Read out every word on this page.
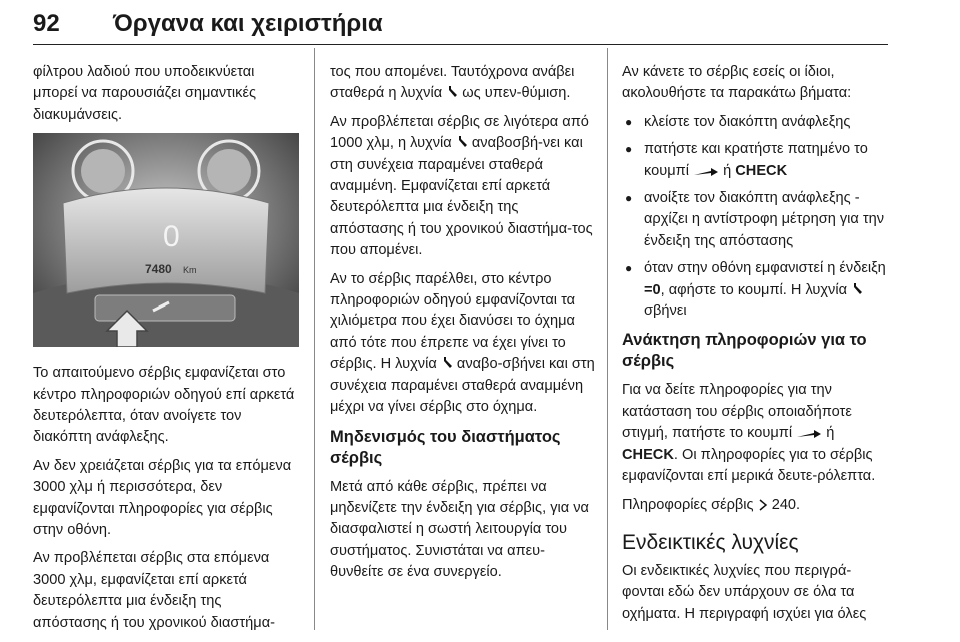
92 Όργανα και χειριστήρια

φίλτρου λαδιού που υποδεικνύεται μπορεί να παρουσιάζει σημαντικές διακυμάνσεις.

0
7480 Km

Το απαιτούμενο σέρβις εμφανίζεται στο κέντρο πληροφοριών οδηγού επί αρκετά δευτερόλεπτα, όταν ανοίγετε τον διακόπτη ανάφλεξης.

Αν δεν χρειάζεται σέρβις για τα επόμενα 3000 χλμ ή περισσότερα, δεν εμφανίζονται πληροφορίες για σέρβις στην οθόνη.

Αν προβλέπεται σέρβις στα επόμενα 3000 χλμ, εμφανίζεται επί αρκετά δευτερόλεπτα μια ένδειξη της απόστασης ή του χρονικού διαστήμα-

τος που απομένει. Ταυτόχρονα ανάβει σταθερά η λυχνία ως υπεν-θύμιση.

Αν προβλέπεται σέρβις σε λιγότερα από 1000 χλμ, η λυχνία αναβοσβή-νει και στη συνέχεια παραμένει σταθερά αναμμένη. Εμφανίζεται επί αρκετά δευτερόλεπτα μια ένδειξη της απόστασης ή του χρονικού διαστήμα-τος που απομένει.

Αν το σέρβις παρέλθει, στο κέντρο πληροφοριών οδηγού εμφανίζονται τα χιλιόμετρα που έχει διανύσει το όχημα από τότε που έπρεπε να έχει γίνει το σέρβις. Η λυχνία αναβο-σβήνει και στη συνέχεια παραμένει σταθερά αναμμένη μέχρι να γίνει σέρβις στο όχημα.

Μηδενισμός του διαστήματος σέρβις

Μετά από κάθε σέρβις, πρέπει να μηδενίζετε την ένδειξη για σέρβις, για να διασφαλιστεί η σωστή λειτουργία του συστήματος. Συνιστάται να απευ-θυνθείτε σε ένα συνεργείο.

Αν κάνετε το σέρβις εσείς οι ίδιοι, ακολουθήστε τα παρακάτω βήματα:

● κλείστε τον διακόπτη ανάφλεξης
● πατήστε και κρατήστε πατημένο το κουμπί ή CHECK
● ανοίξτε τον διακόπτη ανάφλεξης - αρχίζει η αντίστροφη μέτρηση για την ένδειξη της απόστασης
● όταν στην οθόνη εμφανιστεί η ένδειξη =0, αφήστε το κουμπί. Η λυχνία  σβήνει
Ανάκτηση πληροφοριών για το σέρβις

Για να δείτε πληροφορίες για την κατάσταση του σέρβις οποιαδήποτε στιγμή, πατήστε το κουμπί ή CHECK. Οι πληροφορίες για το σέρβις εμφανίζονται επί μερικά δευτε-ρόλεπτα.

Πληροφορίες σέρβις 240.

Ενδεικτικές λυχνίες

Οι ενδεικτικές λυχνίες που περιγρά-φονται εδώ δεν υπάρχουν σε όλα τα οχήματα. Η περιγραφή ισχύει για όλες
